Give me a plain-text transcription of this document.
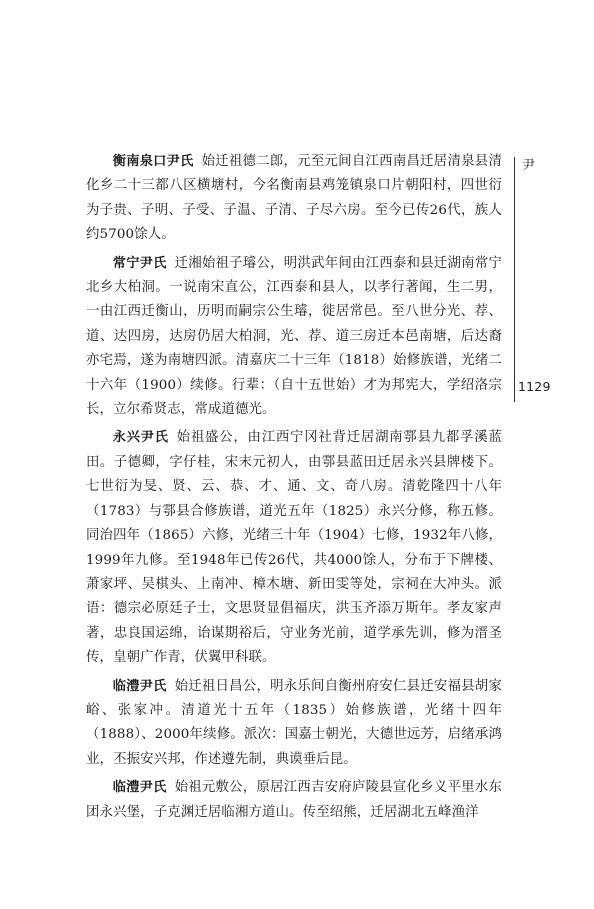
尹
1129

衡南泉口尹氏 始迁祖德二郎，元至元间自江西南昌迁居清泉县清化乡二十三都八区横塘村，今名衡南县鸡笼镇泉口片朝阳村，四世衍为子贵、子明、子受、子温、子清、子尽六房。至今已传26代，族人约5700馀人。

常宁尹氏 迁湘始祖子璿公，明洪武年间由江西泰和县迁湖南常宁北乡大柏洞。一说南宋直公，江西泰和县人，以孝行著闻，生二男，一由江西迁衡山，历明而嗣宗公生璿，徙居常邑。至八世分光、荐、道、达四房，达房仍居大柏洞，光、荐、道三房迁本邑南塘，后达裔亦宅焉，遂为南塘四派。清嘉庆二十三年（1818）始修族谱，光绪二十六年（1900）续修。行辈：（自十五世始）才为邦宪大，学绍洛宗长，立尔希贤志，常成道德光。

永兴尹氏 始祖盛公，由江西宁冈社背迁居湖南鄠县九都孚溪蓝田。子德卿，字仔桂，宋末元初人，由鄠县蓝田迁居永兴县牌楼下。七世衍为旻、贤、云、恭、才、通、文、奇八房。清乾隆四十八年（1783）与鄠县合修族谱，道光五年（1825）永兴分修，称五修。同治四年（1865）六修，光绪三十年（1904）七修，1932年八修，1999年九修。至1948年已传26代，共4000馀人，分布于下牌楼、萧家坪、吴棋头、上南冲、樟木塘、新田雯等处，宗祠在大冲头。派语：德宗必原廷子士，文思贤显倡福庆，洪玉齐添万斯年。孝友家声著，忠良国运绵，诒谋期裕后，守业务光前，道学承先训，修为溍圣传，皇朝广作青，伏翼甲科联。

临澧尹氏 始迁祖日昌公，明永乐间自衡州府安仁县迁安福县胡家峪、张家冲。清道光十五年（1835）始修族谱，光绪十四年（1888）、2000年续修。派次：国嘉士朝光，大德世远芳，启绪承鸿业，丕振安兴邦，作述遵先制，典谟垂后昆。

临澧尹氏 始祖元敷公，原居江西吉安府庐陵县宣化乡义平里水东团永兴堡，子克渊迁居临湘方道山。传至绍熊，迁居湖北五峰渔洋
